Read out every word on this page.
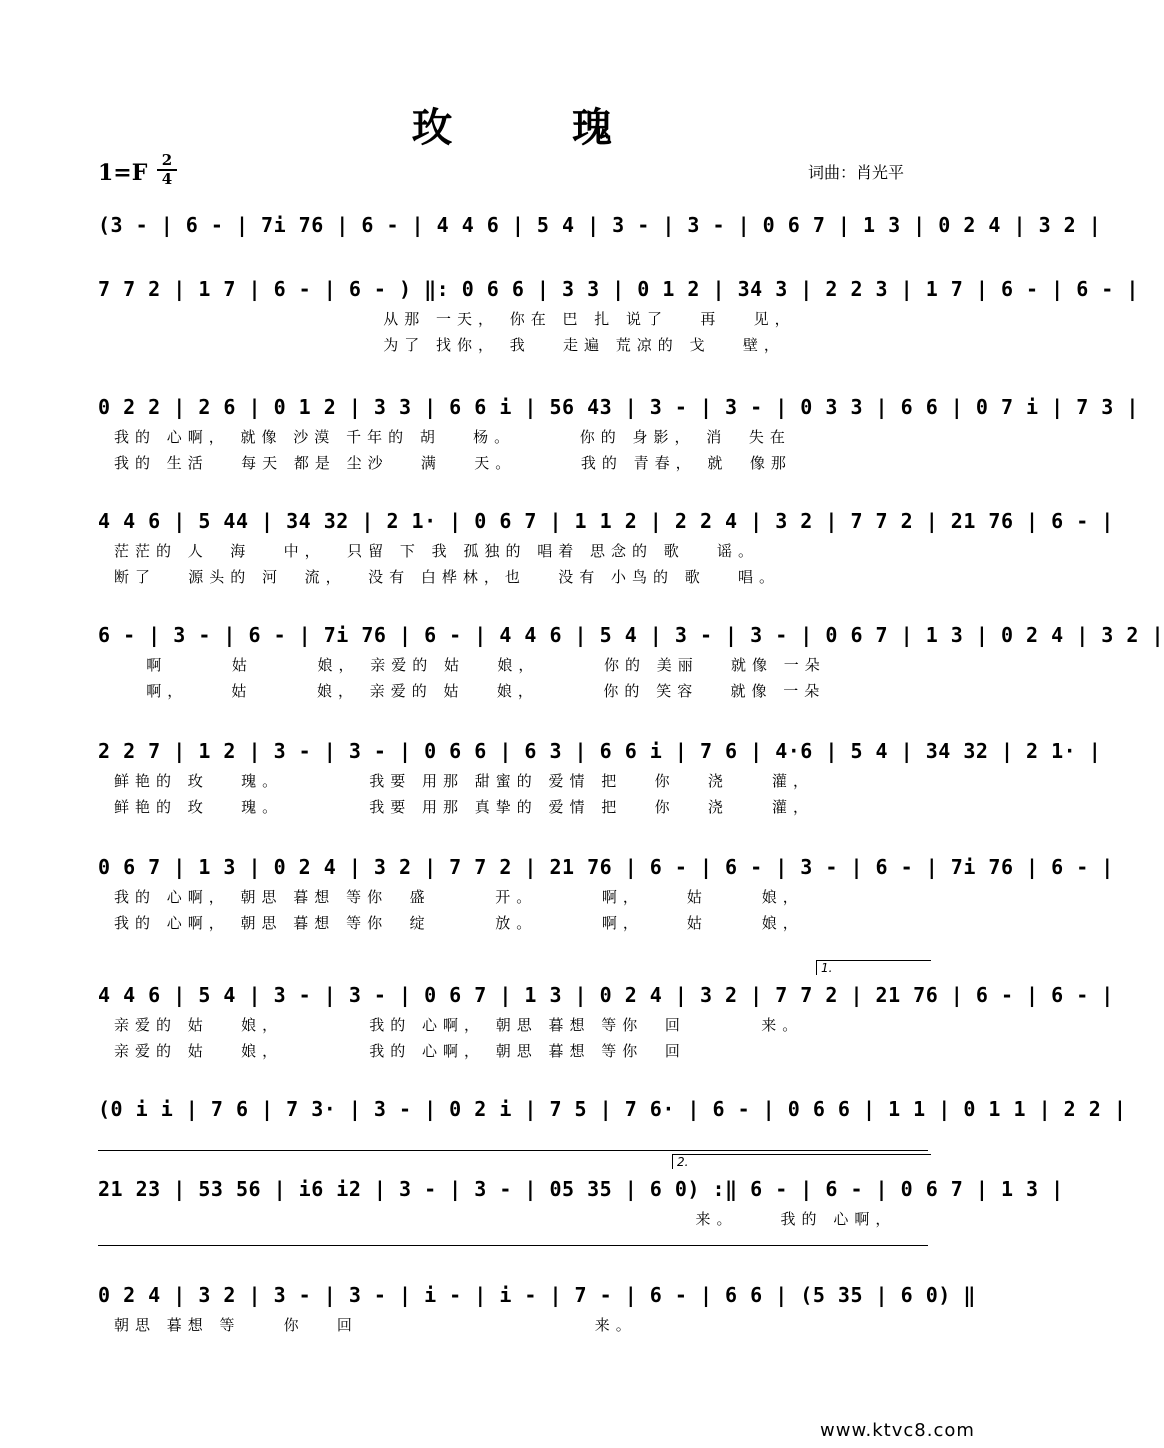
玫瑰
1=F 2
4	词曲：肖光平
(3 - | 6 - | 7i 76 | 6 - | 4 4 6 | 5 4 | 3 - | 3 - | 0 6 7 | 1 3 | 0 2 4 | 3 2 |
7 7 2 | 1 7 | 6 - | 6 - ) ‖: 0 6 6 | 3 3 | 0 1 2 | 34 3 | 2 2 3 | 1 7 | 6 - | 6 - |
从那 一天， 你在 巴 扎 说了   再   见，
为了 找你， 我   走遍 荒凉的 戈   壁，
0 2 2 | 2 6 | 0 1 2 | 3 3 | 6 6 i | 56 43 | 3 - | 3 - | 0 3 3 | 6 6 | 0 7 i | 7 3 |
我的 心啊， 就像 沙漠 千年的 胡   杨。      你的 身影， 消  失在
我的 生活   每天 都是 尘沙   满   天。      我的 青春， 就  像那
4 4 6 | 5 44 | 34 32 | 2 1· | 0 6 7 | 1 1 2 | 2 2 4 | 3 2 | 7 7 2 | 21 76 | 6 - |
茫茫的 人  海   中，  只留 下 我 孤独的 唱着 思念的 歌   谣。
断了   源头的 河  流，  没有 白桦林，也   没有 小鸟的 歌   唱。
6 - | 3 - | 6 - | 7i 76 | 6 - | 4 4 6 | 5 4 | 3 - | 3 - | 0 6 7 | 1 3 | 0 2 4 | 3 2 |
啊      姑      娘， 亲爱的 姑   娘，      你的 美丽   就像 一朵
啊，    姑      娘， 亲爱的 姑   娘，      你的 笑容   就像 一朵
2 2 7 | 1 2 | 3 - | 3 - | 0 6 6 | 6 3 | 6 6 i | 7 6 | 4·6 | 5 4 | 34 32 | 2 1· |
鲜艳的 玫   瑰。        我要 用那 甜蜜的 爱情 把   你   浇    灌，
鲜艳的 玫   瑰。        我要 用那 真挚的 爱情 把   你   浇    灌，
0 6 7 | 1 3 | 0 2 4 | 3 2 | 7 7 2 | 21 76 | 6 - | 6 - | 3 - | 6 - | 7i 76 | 6 - |
我的 心啊， 朝思 暮想 等你  盛      开。      啊，    姑     娘，
我的 心啊， 朝思 暮想 等你  绽      放。      啊，    姑     娘，
1.
4 4 6 | 5 4 | 3 - | 3 - | 0 6 7 | 1 3 | 0 2 4 | 3 2 | 7 7 2 | 21 76 | 6 - | 6 - |
亲爱的 姑   娘，        我的 心啊， 朝思 暮想 等你  回       来。
亲爱的 姑   娘，        我的 心啊， 朝思 暮想 等你  回
(0 i i | 7 6 | 7 3· | 3 - | 0 2 i | 7 5 | 7 6· | 6 - | 0 6 6 | 1 1 | 0 1 1 | 2 2 |
2.
21 23 | 53 56 | i6 i2 | 3 - | 3 - | 05 35 | 6 0) :‖ 6 - | 6 - | 0 6 7 | 1 3 |
来。    我的 心啊，
0 2 4 | 3 2 | 3 - | 3 - | i - | i - | 7 - | 6 - | 6 6 | (5 35 | 6 0) ‖
朝思 暮想 等    你   回                      来。
www.ktvc8.com
